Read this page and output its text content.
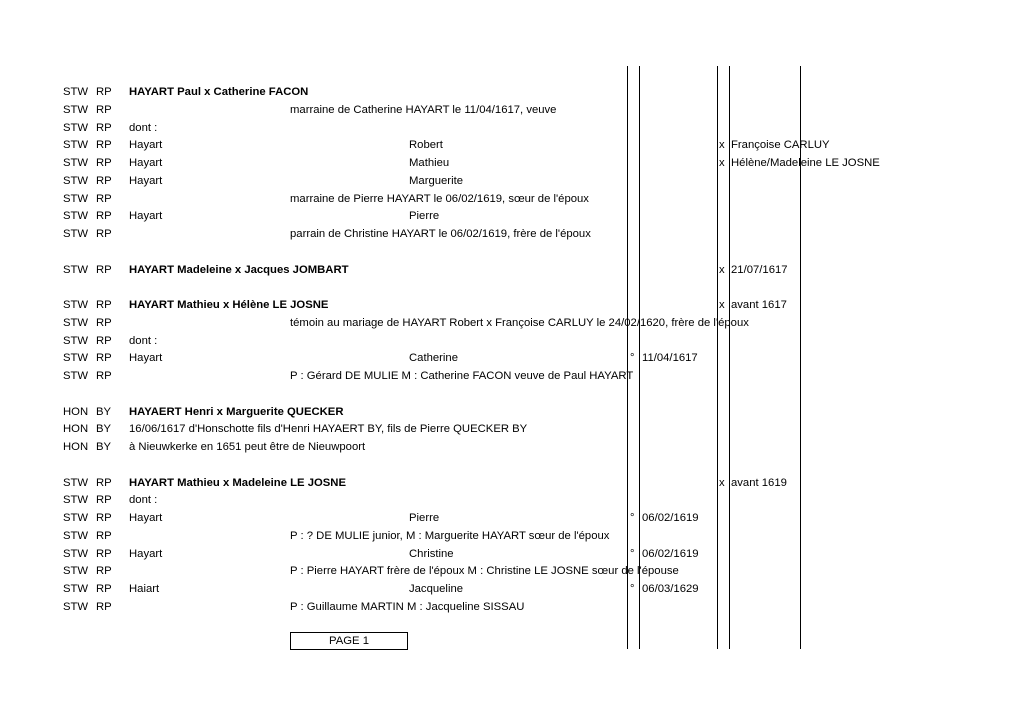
STW RP HAYART Paul x Catherine FACON
STW RP	marraine de Catherine HAYART le 11/04/1617, veuve
STW RP dont :
STW RP Hayart	Robert	x Françoise CARLUY
STW RP Hayart	Mathieu	x Hélène/Madeleine LE JOSNE
STW RP Hayart	Marguerite
STW RP	marraine de Pierre HAYART le 06/02/1619, sœur de l'époux
STW RP Hayart	Pierre
STW RP	parrain de Christine HAYART le 06/02/1619, frère de l'époux
STW RP HAYART Madeleine x Jacques JOMBART	x 21/07/1617
STW RP HAYART Mathieu x Hélène LE JOSNE	x avant 1617
STW RP	témoin au mariage de HAYART Robert x Françoise CARLUY le 24/02/1620, frère de l'époux
STW RP dont :
STW RP Hayart	Catherine	° 11/04/1617
STW RP	P : Gérard DE MULIE M : Catherine FACON veuve de Paul HAYART
HON BY HAYAERT Henri x Marguerite QUECKER
HON BY 16/06/1617 d'Honschotte fils d'Henri HAYAERT BY, fils de Pierre QUECKER BY
HON BY à Nieuwkerke en 1651 peut être de Nieuwpoort
STW RP HAYART Mathieu x Madeleine LE JOSNE	x avant 1619
STW RP dont :
STW RP Hayart	Pierre	° 06/02/1619
STW RP	P : ? DE MULIE junior, M : Marguerite HAYART sœur de l'époux
STW RP Hayart	Christine	° 06/02/1619
STW RP	P : Pierre HAYART frère de l'époux M : Christine LE JOSNE sœur de l'épouse
STW RP Haiart	Jacqueline	° 06/03/1629
STW RP	P : Guillaume MARTIN M : Jacqueline SISSAU
PAGE 1
